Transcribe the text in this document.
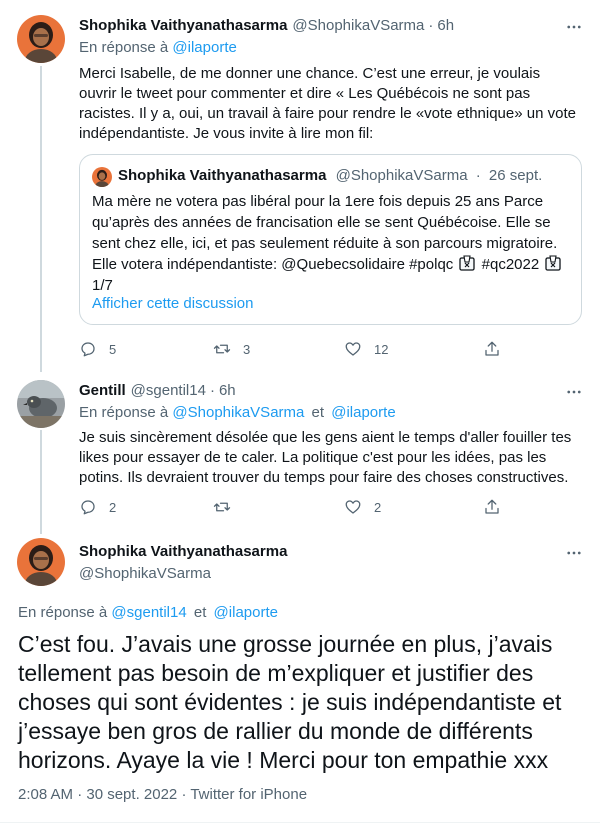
Shophika Vaithyanathasarma @ShophikaVSarma · 6h
En réponse à @ilaporte
Merci Isabelle, de me donner une chance. C’est une erreur, je voulais ouvrir le tweet pour commenter et dire « Les Québécois ne sont pas racistes. Il y a, oui, un travail à faire pour rendre le «vote ethnique» un vote indépendantiste. Je vous invite à lire mon fil:
Shophika Vaithyanathasarma @ShophikaVSarma · 26 sept.
Ma mère ne votera pas libéral pour la 1ere fois depuis 25 ans Parce qu’après des années de francisation elle se sent Québécoise. Elle se sent chez elle, ici, et pas seulement réduite à son parcours migratoire. Elle votera indépendantiste: @Quebecsolidaire #polqc #qc2022
1/7
Afficher cette discussion
5	3	12
Gentill @sgentil14 · 6h
En réponse à @ShophikaVSarma et @ilaporte
Je suis sincèrement désolée que les gens aient le temps d'aller fouiller tes likes pour essayer de te caler. La politique c'est pour les idées, pas les potins. Ils devraient trouver du temps pour faire des choses constructives.
2	2
Shophika Vaithyanathasarma
@ShophikaVSarma
En réponse à @sgentil14 et @ilaporte
C’est fou. J’avais une grosse journée en plus, j’avais tellement pas besoin de m’expliquer et justifier des choses qui sont évidentes : je suis indépendantiste et j’essaye ben gros de rallier du monde de différents horizons. Ayaye la vie ! Merci pour ton empathie xxx
2:08 AM · 30 sept. 2022 · Twitter for iPhone
